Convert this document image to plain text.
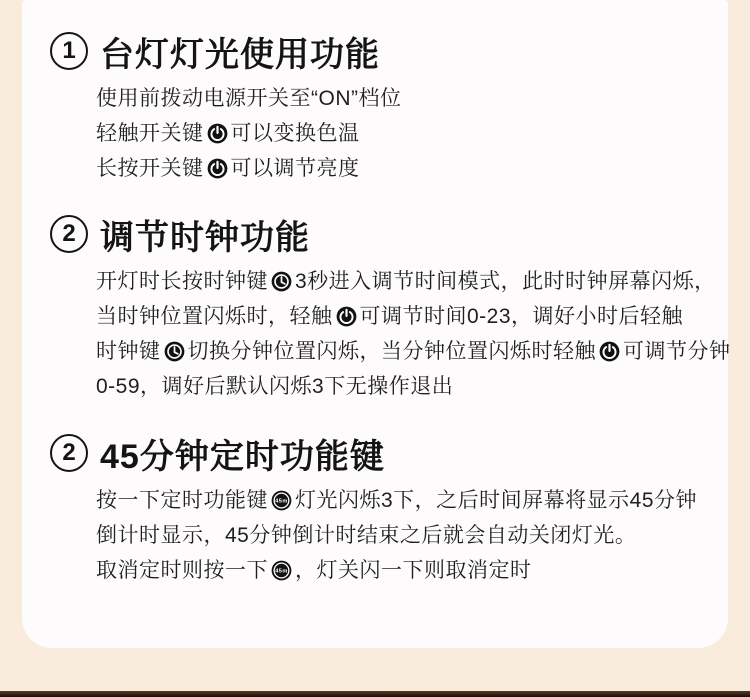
1 台灯灯光使用功能
使用前拨动电源开关至“ON”档位
轻触开关键 可以变换色温
长按开关键 可以调节亮度
2 调节时钟功能
开灯时长按时钟键 3秒进入调节时间模式，此时时钟屏幕闪烁，
当时钟位置闪烁时，轻触 可调节时间0-23，调好小时后轻触
时钟键 切换分钟位置闪烁，当分钟位置闪烁时轻触 可调节分钟
0-59，调好后默认闪烁3下无操作退出
2 45分钟定时功能键
按一下定时功能键 45m 灯光闪烁3下，之后时间屏幕将显示45分钟
倒计时显示，45分钟倒计时结束之后就会自动关闭灯光。
取消定时则按一下 45m ，灯关闪一下则取消定时
